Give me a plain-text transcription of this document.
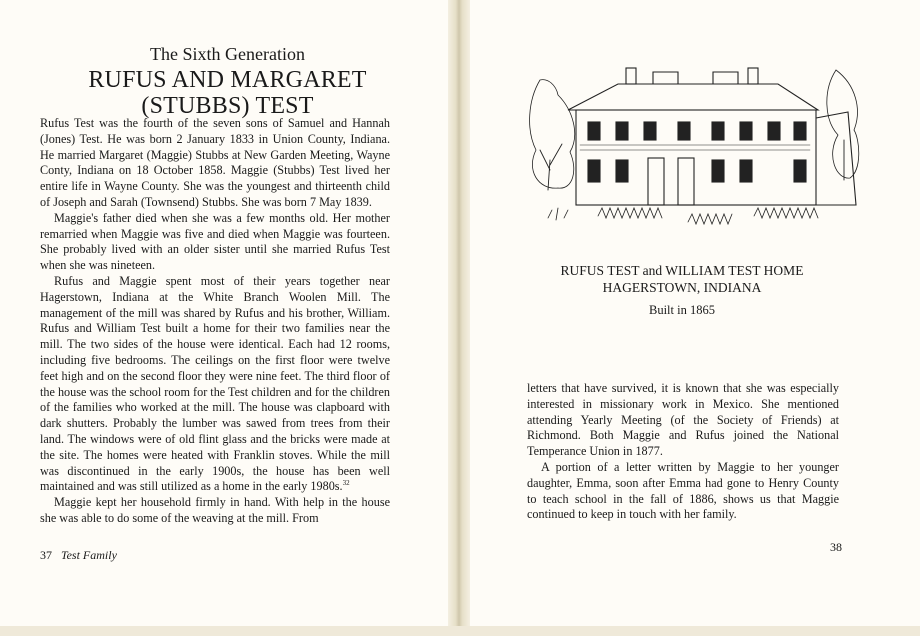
The Sixth Generation
RUFUS AND MARGARET
(STUBBS) TEST

Rufus Test was the fourth of the seven sons of Samuel and Hannah (Jones) Test. He was born 2 January 1833 in Union County, Indiana. He married Margaret (Maggie) Stubbs at New Garden Meeting, Wayne Conty, Indiana on 18 October 1858. Maggie (Stubbs) Test lived her entire life in Wayne County. She was the youngest and thirteenth child of Joseph and Sarah (Townsend) Stubbs. She was born 7 May 1839.

Maggie's father died when she was a few months old. Her mother remarried when Maggie was five and died when Maggie was fourteen. She probably lived with an older sister until she married Rufus Test when she was nineteen.

Rufus and Maggie spent most of their years together near Hagerstown, Indiana at the White Branch Woolen Mill. The management of the mill was shared by Rufus and his brother, William. Rufus and William Test built a home for their two families near the mill. The two sides of the house were identical. Each had 12 rooms, including five bedrooms. The ceilings on the first floor were twelve feet high and on the second floor they were nine feet. The third floor of the house was the school room for the Test children and for the children of the families who worked at the mill. The house was clapboard with dark shutters. Probably the lumber was sawed from trees from their land. The windows were of old flint glass and the bricks were made at the site. The homes were heated with Franklin stoves. While the mill was discontinued in the early 1900s, the house has been well maintained and was still utilized as a home in the early 1980s.$^{32}$

Maggie kept her household firmly in hand. With help in the house she was able to do some of the weaving at the mill. From

37 Test Family
RUFUS TEST and WILLIAM TEST HOME
HAGERSTOWN, INDIANA
Built in 1865

letters that have survived, it is known that she was especially interested in missionary work in Mexico. She mentioned attending Yearly Meeting (of the Society of Friends) at Richmond. Both Maggie and Rufus joined the National Temperance Union in 1877.

A portion of a letter written by Maggie to her younger daughter, Emma, soon after Emma had gone to Henry County to teach school in the fall of 1886, shows us that Maggie continued to keep in touch with her family.

38
